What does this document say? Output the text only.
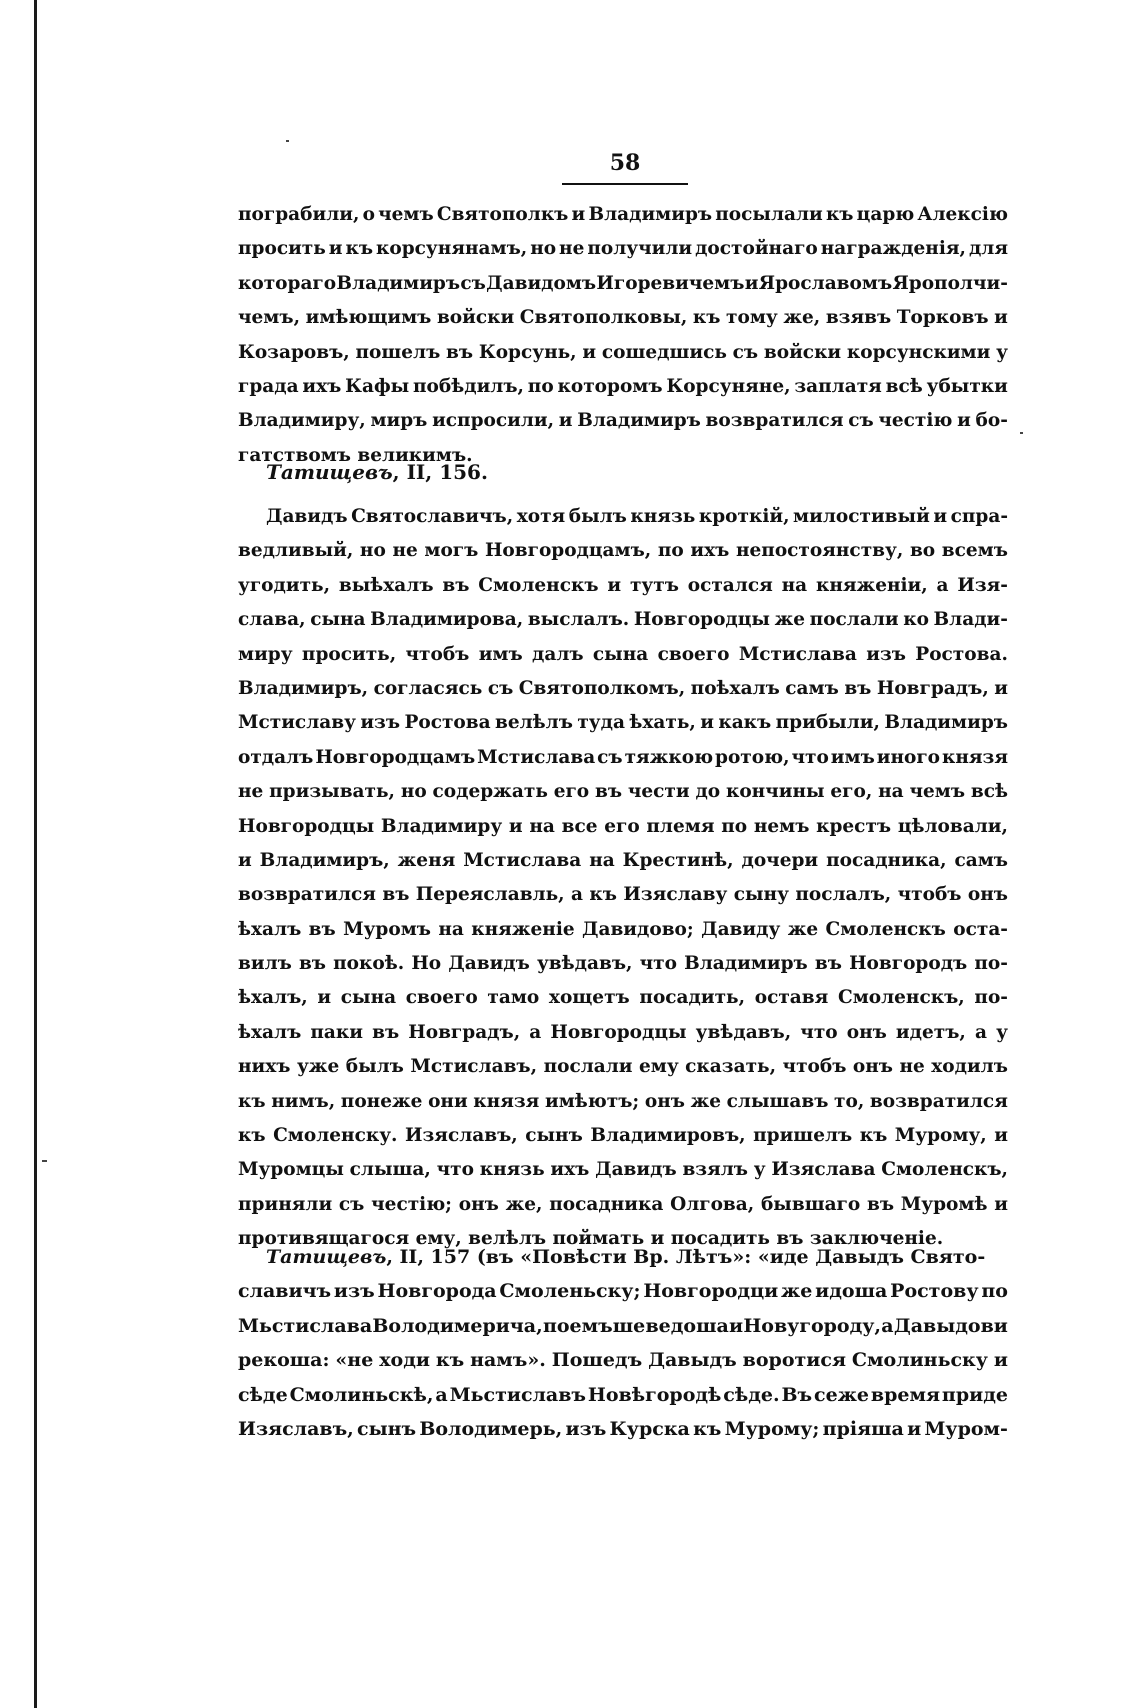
58
пограбили, о чемъ Святополкъ и Владимиръ посылали къ царю Алексію
просить и къ корсунянамъ, но не получили достойнаго награжденія, для
котораго Владимиръ съ Давидомъ Игоревичемъ и Ярославомъ Ярополчи-
чемъ, имѣющимъ войски Святополковы, къ тому же, взявъ Торковъ и
Козаровъ, пошелъ въ Корсунь, и сошедшись съ войски корсунскими у
града ихъ Кафы побѣдилъ, по которомъ Корсуняне, заплатя всѣ убытки
Владимиру, миръ испросили, и Владимиръ возвратился съ честію и бо-
гатствомъ великимъ.
Татищевъ, II, 156.
Давидъ Святославичъ, хотя былъ князь кроткій, милостивый и спра-
ведливый, но не могъ Новгородцамъ, по ихъ непостоянству, во всемъ
угодить, выѣхалъ въ Смоленскъ и тутъ остался на княженіи, а Изя-
слава, сына Владимирова, выслалъ. Новгородцы же послали ко Влади-
миру просить, чтобъ имъ далъ сына своего Мстислава изъ Ростова.
Владимиръ, согласясь съ Святополкомъ, поѣхалъ самъ въ Новградъ, и
Мстиславу изъ Ростова велѣлъ туда ѣхать, и какъ прибыли, Владимиръ
отдалъ Новгородцамъ Мстислава съ тяжкою ротою, что имъ иного князя
не призывать, но содержать его въ чести до кончины его, на чемъ всѣ
Новгородцы Владимиру и на все его племя по немъ крестъ цѣловали,
и Владимиръ, женя Мстислава на Крестинѣ, дочери посадника, самъ
возвратился въ Переяславль, а къ Изяславу сыну послалъ, чтобъ онъ
ѣхалъ въ Муромъ на княженіе Давидово; Давиду же Смоленскъ оста-
вилъ въ покоѣ. Но Давидъ увѣдавъ, что Владимиръ въ Новгородъ по-
ѣхалъ, и сына своего тамо хощетъ посадить, оставя Смоленскъ, по-
ѣхалъ паки въ Новградъ, а Новгородцы увѣдавъ, что онъ идетъ, а у
нихъ уже былъ Мстиславъ, послали ему сказать, чтобъ онъ не ходилъ
къ нимъ, понеже они князя имѣютъ; онъ же слышавъ то, возвратился
къ Смоленску. Изяславъ, сынъ Владимировъ, пришелъ къ Мурому, и
Муромцы слыша, что князь ихъ Давидъ взялъ у Изяслава Смоленскъ,
приняли съ честію; онъ же, посадника Олгова, бывшаго въ Муромѣ и
противящагося ему, велѣлъ поймать и посадить въ заключеніе.
Татищевъ, II, 157 (въ «Повѣсти Вр. Лѣтъ»: «иде Давыдъ Свято-
славичъ изъ Новгорода Смоленьску; Новгородци же идоша Ростову по
Мьстислава Володимерича, поемъше ведоша и Новугороду, а Давыдови
рекоша: «не ходи къ намъ». Пошедъ Давыдъ воротися Смолиньску и
сѣде Смолиньскѣ, а Мьстиславъ Новѣгородѣ сѣде. Въ сеже время приде
Изяславъ, сынъ Володимерь, изъ Курска къ Мурому; пріяша и Муром-
